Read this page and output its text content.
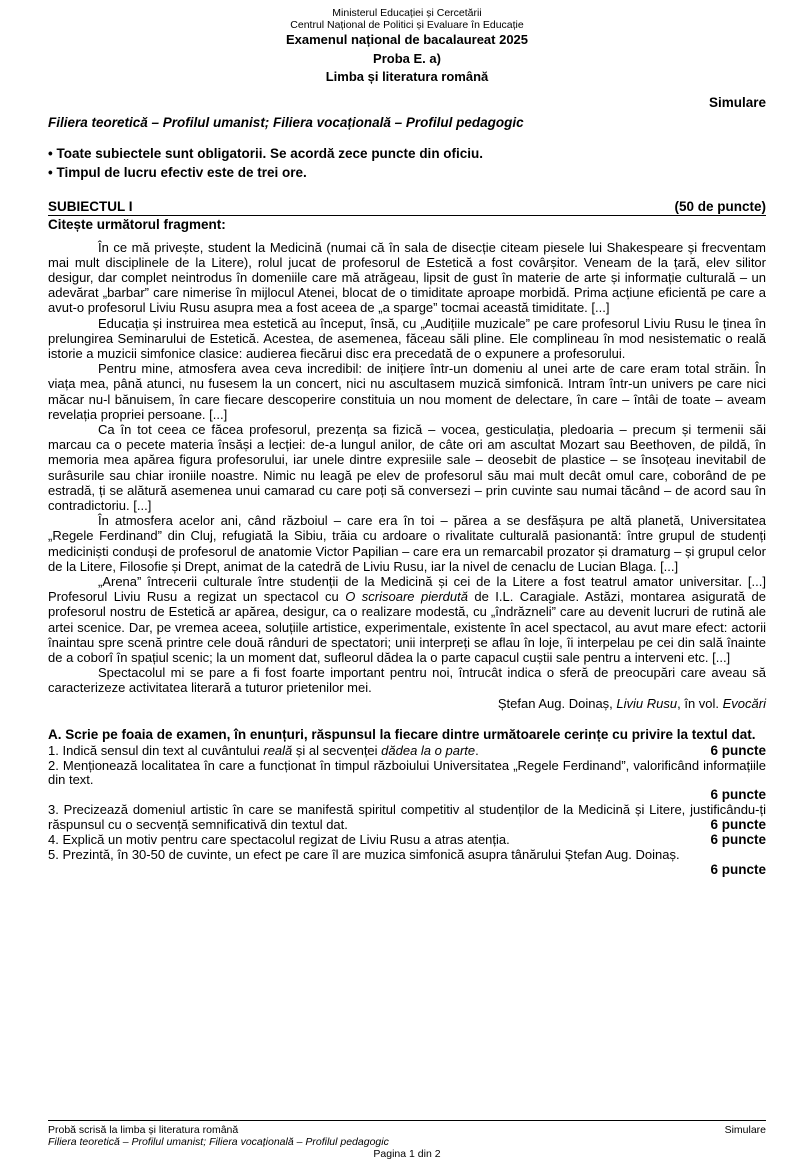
Ministerul Educației și Cercetării
Centrul Național de Politici și Evaluare în Educație
Examenul național de bacalaureat 2025
Proba E. a)
Limba și literatura română
Simulare
Filiera teoretică – Profilul umanist; Filiera vocațională – Profilul pedagogic
• Toate subiectele sunt obligatorii. Se acordă zece puncte din oficiu.
• Timpul de lucru efectiv este de trei ore.
SUBIECTUL I	(50 de puncte)
Citește următorul fragment:

În ce mă privește, student la Medicină (numai că în sala de disecție citeam piesele lui Shakespeare și frecventam mai mult disciplinele de la Litere), rolul jucat de profesorul de Estetică a fost covârșitor. Veneam de la țară, elev silitor desigur, dar complet neintrodus în domeniile care mă atrăgeau, lipsit de gust în materie de arte și informație culturală – un adevărat „barbar” care nimerise în mijlocul Atenei, blocat de o timiditate aproape morbidă. Prima acțiune eficientă pe care a avut-o profesorul Liviu Rusu asupra mea a fost aceea de „a sparge” tocmai această timiditate. [...]

Educația și instruirea mea estetică au început, însă, cu „Audițiile muzicale” pe care profesorul Liviu Rusu le ținea în prelungirea Seminarului de Estetică. Acestea, de asemenea, făceau săli pline. Ele complineau în mod nesistematic o reală istorie a muzicii simfonice clasice: audierea fiecărui disc era precedată de o expunere a profesorului.

Pentru mine, atmosfera avea ceva incredibil: de inițiere într-un domeniu al unei arte de care eram total străin. În viața mea, până atunci, nu fusesem la un concert, nici nu ascultasem muzică simfonică. Intram într-un univers pe care nici măcar nu-l bănuisem, în care fiecare descoperire constituia un nou moment de delectare, în care – întâi de toate – aveam revelația propriei persoane. [...]

Ca în tot ceea ce făcea profesorul, prezența sa fizică – vocea, gesticulația, pledoaria – precum și termenii săi marcau ca o pecete materia însăși a lecției: de-a lungul anilor, de câte ori am ascultat Mozart sau Beethoven, de pildă, în memoria mea apărea figura profesorului, iar unele dintre expresiile sale – deosebit de plastice – se însoțeau inevitabil de surâsurile sau chiar ironiile noastre. Nimic nu leagă pe elev de profesorul său mai mult decât omul care, coborând de pe estradă, ți se alătură asemenea unui camarad cu care poți să conversezi – prin cuvinte sau numai tăcând – de acord sau în contradictoriu. [...]

În atmosfera acelor ani, când războiul – care era în toi – părea a se desfășura pe altă planetă, Universitatea „Regele Ferdinand” din Cluj, refugiată la Sibiu, trăia cu ardoare o rivalitate culturală pasionantă: între grupul de studenți mediciniști conduși de profesorul de anatomie Victor Papilian – care era un remarcabil prozator și dramaturg – și grupul celor de la Litere, Filosofie și Drept, animat de la catedră de Liviu Rusu, iar la nivel de cenaclu de Lucian Blaga. [...]

„Arena” întrecerii culturale între studenții de la Medicină și cei de la Litere a fost teatrul amator universitar. [...] Profesorul Liviu Rusu a regizat un spectacol cu O scrisoare pierdută de I.L. Caragiale. Astăzi, montarea asigurată de profesorul nostru de Estetică ar apărea, desigur, ca o realizare modestă, cu „îndrăzneli” care au devenit lucruri de rutină ale artei scenice. Dar, pe vremea aceea, soluțiile artistice, experimentale, existente în acel spectacol, au avut mare efect: actorii înaintau spre scenă printre cele două rânduri de spectatori; unii interpreți se aflau în loje, îi interpelau pe cei din sală înainte de a coborî în spațiul scenic; la un moment dat, sufleorul dădea la o parte capacul cuștii sale pentru a interveni etc. [...]

Spectacolul mi se pare a fi fost foarte important pentru noi, întrucât indica o sferă de preocupări care aveau să caracterizeze activitatea literară a tuturor prietenilor mei.

Ștefan Aug. Doinaș, Liviu Rusu, în vol. Evocări
A. Scrie pe foaia de examen, în enunțuri, răspunsul la fiecare dintre următoarele cerințe cu privire la textul dat.
1. Indică sensul din text al cuvântului reală și al secvenței dădea la o parte.	6 puncte
2. Menționează localitatea în care a funcționat în timpul războiului Universitatea „Regele Ferdinand”, valorificând informațiile din text.
6 puncte
3. Precizează domeniul artistic în care se manifestă spiritul competitiv al studenților de la Medicină și Litere, justificându-ți răspunsul cu o secvență semnificativă din textul dat.	6 puncte
4. Explică un motiv pentru care spectacolul regizat de Liviu Rusu a atras atenția.	6 puncte
5. Prezintă, în 30-50 de cuvinte, un efect pe care îl are muzica simfonică asupra tânărului Ștefan Aug. Doinaș.
6 puncte
Probă scrisă la limba și literatura română	Simulare
Filiera teoretică – Profilul umanist; Filiera vocațională – Profilul pedagogic
Pagina 1 din 2
